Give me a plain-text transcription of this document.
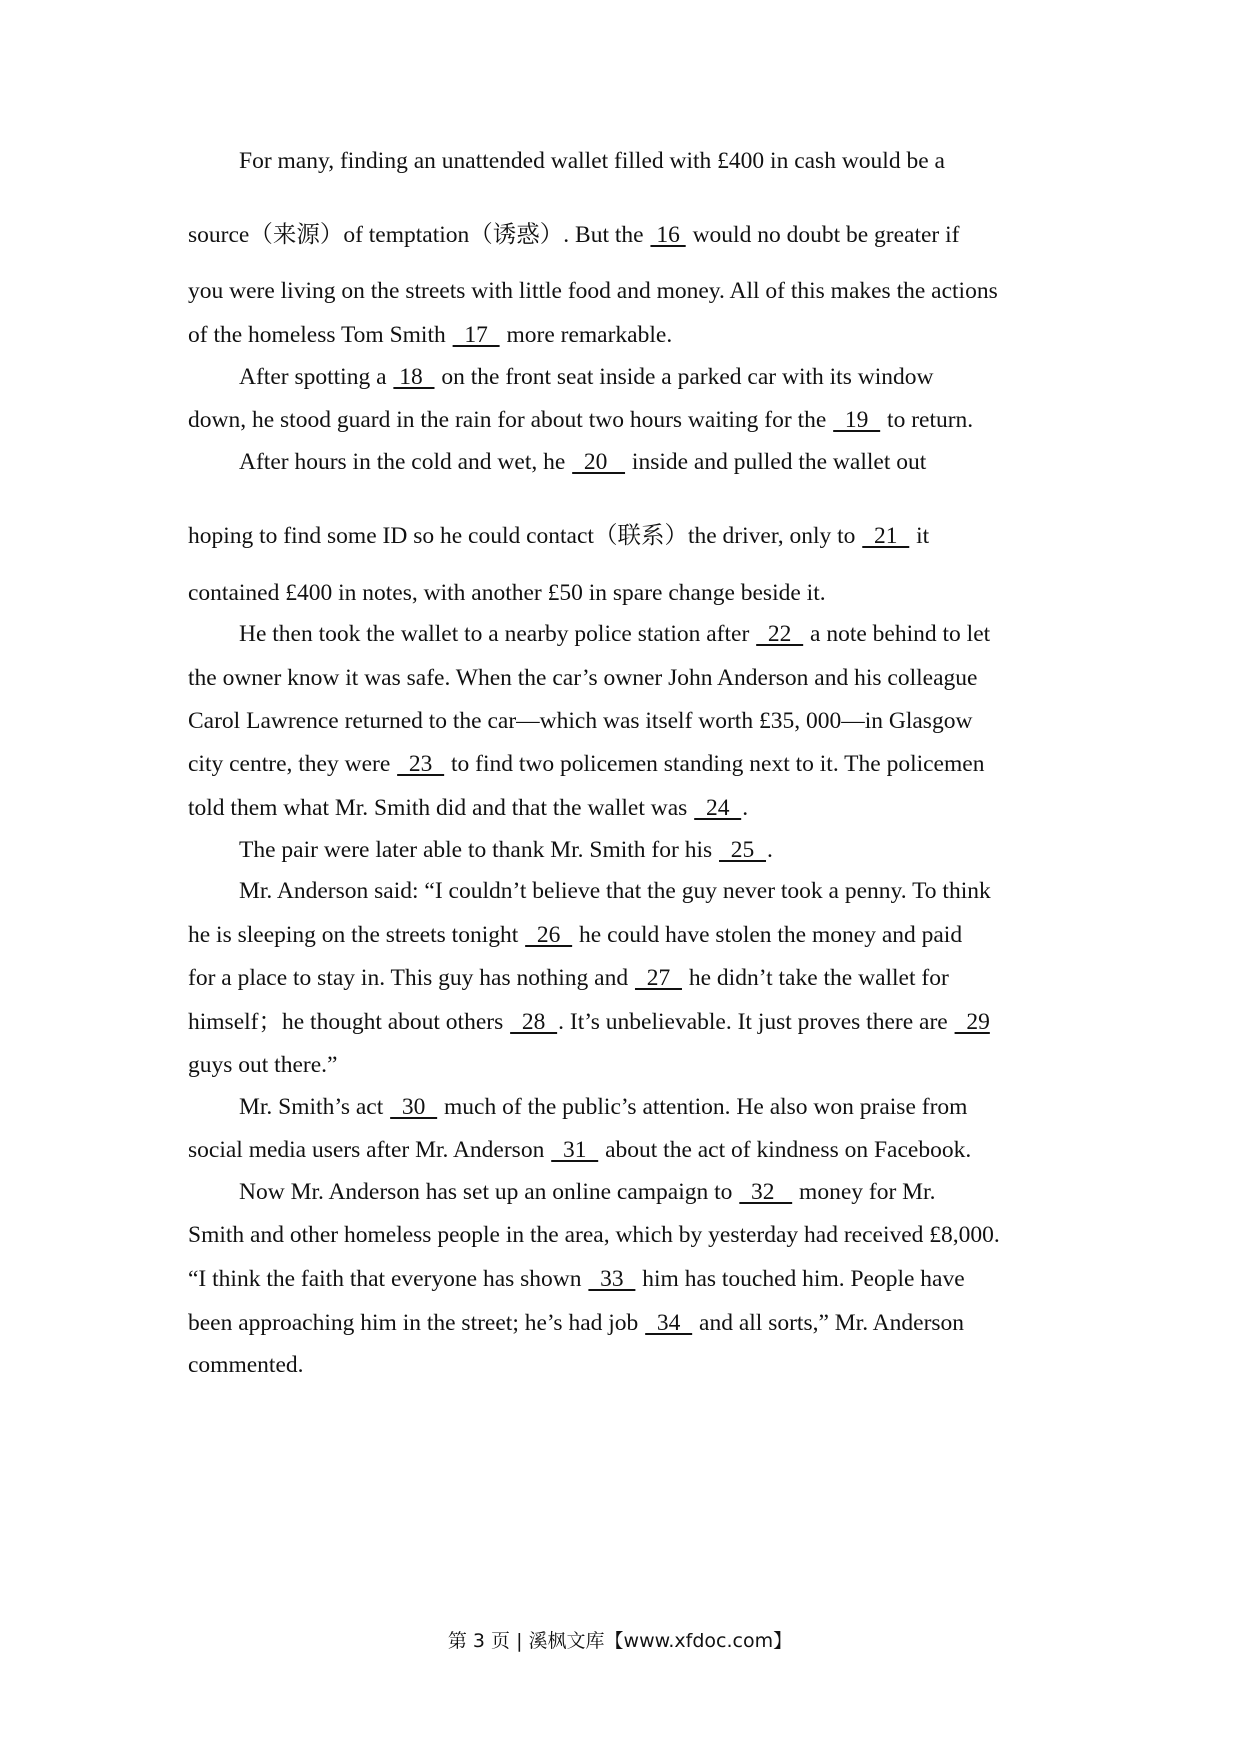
For many, finding an unattended wallet filled with £400 in cash would be a
source（来源）of temptation（诱惑）. But the  16  would no doubt be greater if
you were living on the streets with little food and money. All of this makes the actions
of the homeless Tom Smith   17   more remarkable.
After spotting a  18   on the front seat inside a parked car with its window
down, he stood guard in the rain for about two hours waiting for the   19   to return.
After hours in the cold and wet, he   20    inside and pulled the wallet out
hoping to find some ID so he could contact（联系）the driver, only to   21   it
contained £400 in notes, with another £50 in spare change beside it.
He then took the wallet to a nearby police station after   22   a note behind to let
the owner know it was safe. When the car’s owner John Anderson and his colleague
Carol Lawrence returned to the car—which was itself worth £35, 000—in Glasgow
city centre, they were   23   to find two policemen standing next to it. The policemen
told them what Mr. Smith did and that the wallet was   24  .
The pair were later able to thank Mr. Smith for his   25  .
Mr. Anderson said: “I couldn’t believe that the guy never took a penny. To think
he is sleeping on the streets tonight   26   he could have stolen the money and paid
for a place to stay in. This guy has nothing and   27   he didn’t take the wallet for
himself；he thought about others   28  . It’s unbelievable. It just proves there are   29
guys out there.”
Mr. Smith’s act   30   much of the public’s attention. He also won praise from
social media users after Mr. Anderson   31   about the act of kindness on Facebook.
Now Mr. Anderson has set up an online campaign to   32    money for Mr.
Smith and other homeless people in the area, which by yesterday had received £8,000.
“I think the faith that everyone has shown   33   him has touched him. People have
been approaching him in the street; he’s had job   34   and all sorts,” Mr. Anderson
commented.
第 3 页 | 溪枫文库【www.xfdoc.com】
